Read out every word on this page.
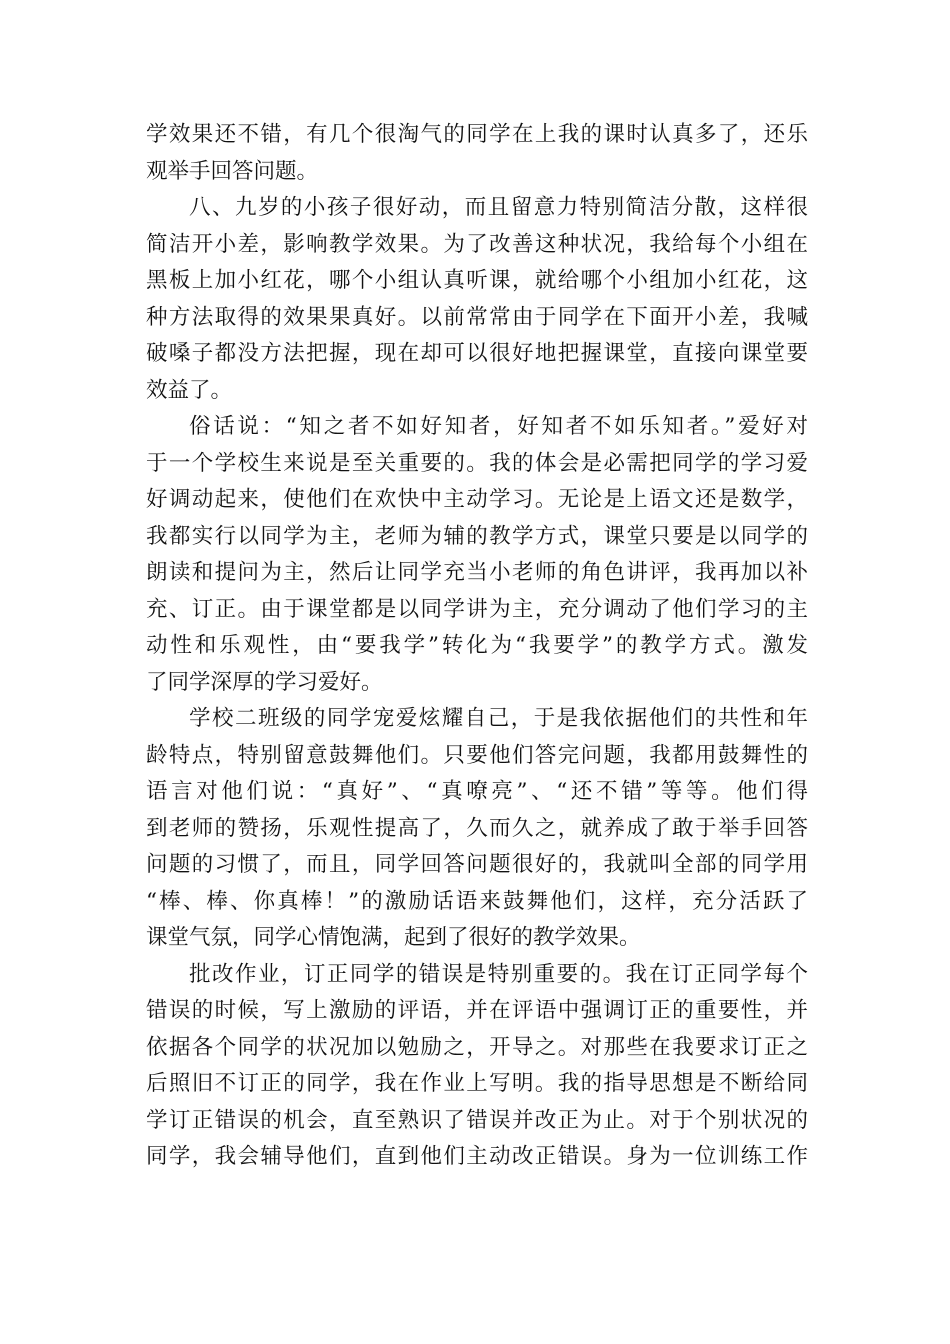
学效果还不错，有几个很淘气的同学在上我的课时认真多了，还乐
观举手回答问题。

八、九岁的小孩子很好动，而且留意力特别简洁分散，这样很
简洁开小差，影响教学效果。为了改善这种状况，我给每个小组在
黑板上加小红花，哪个小组认真听课，就给哪个小组加小红花，这
种方法取得的效果果真好。以前常常由于同学在下面开小差，我喊
破嗓子都没方法把握，现在却可以很好地把握课堂，直接向课堂要
效益了。

俗话说：“知之者不如好知者，好知者不如乐知者。”爱好对
于一个学校生来说是至关重要的。我的体会是必需把同学的学习爱
好调动起来，使他们在欢快中主动学习。无论是上语文还是数学，
我都实行以同学为主，老师为辅的教学方式，课堂只要是以同学的
朗读和提问为主，然后让同学充当小老师的角色讲评，我再加以补
充、订正。由于课堂都是以同学讲为主，充分调动了他们学习的主
动性和乐观性，由“要我学”转化为“我要学”的教学方式。激发
了同学深厚的学习爱好。

学校二班级的同学宠爱炫耀自己，于是我依据他们的共性和年
龄特点，特别留意鼓舞他们。只要他们答完问题，我都用鼓舞性的
语言对他们说：“真好”、“真嘹亮”、“还不错”等等。他们得
到老师的赞扬，乐观性提高了，久而久之，就养成了敢于举手回答
问题的习惯了，而且，同学回答问题很好的，我就叫全部的同学用
“棒、棒、你真棒！”的激励话语来鼓舞他们，这样，充分活跃了
课堂气氛，同学心情饱满，起到了很好的教学效果。

批改作业，订正同学的错误是特别重要的。我在订正同学每个
错误的时候，写上激励的评语，并在评语中强调订正的重要性，并
依据各个同学的状况加以勉励之，开导之。对那些在我要求订正之
后照旧不订正的同学，我在作业上写明。我的指导思想是不断给同
学订正错误的机会，直至熟识了错误并改正为止。对于个别状况的
同学，我会辅导他们，直到他们主动改正错误。身为一位训练工作
